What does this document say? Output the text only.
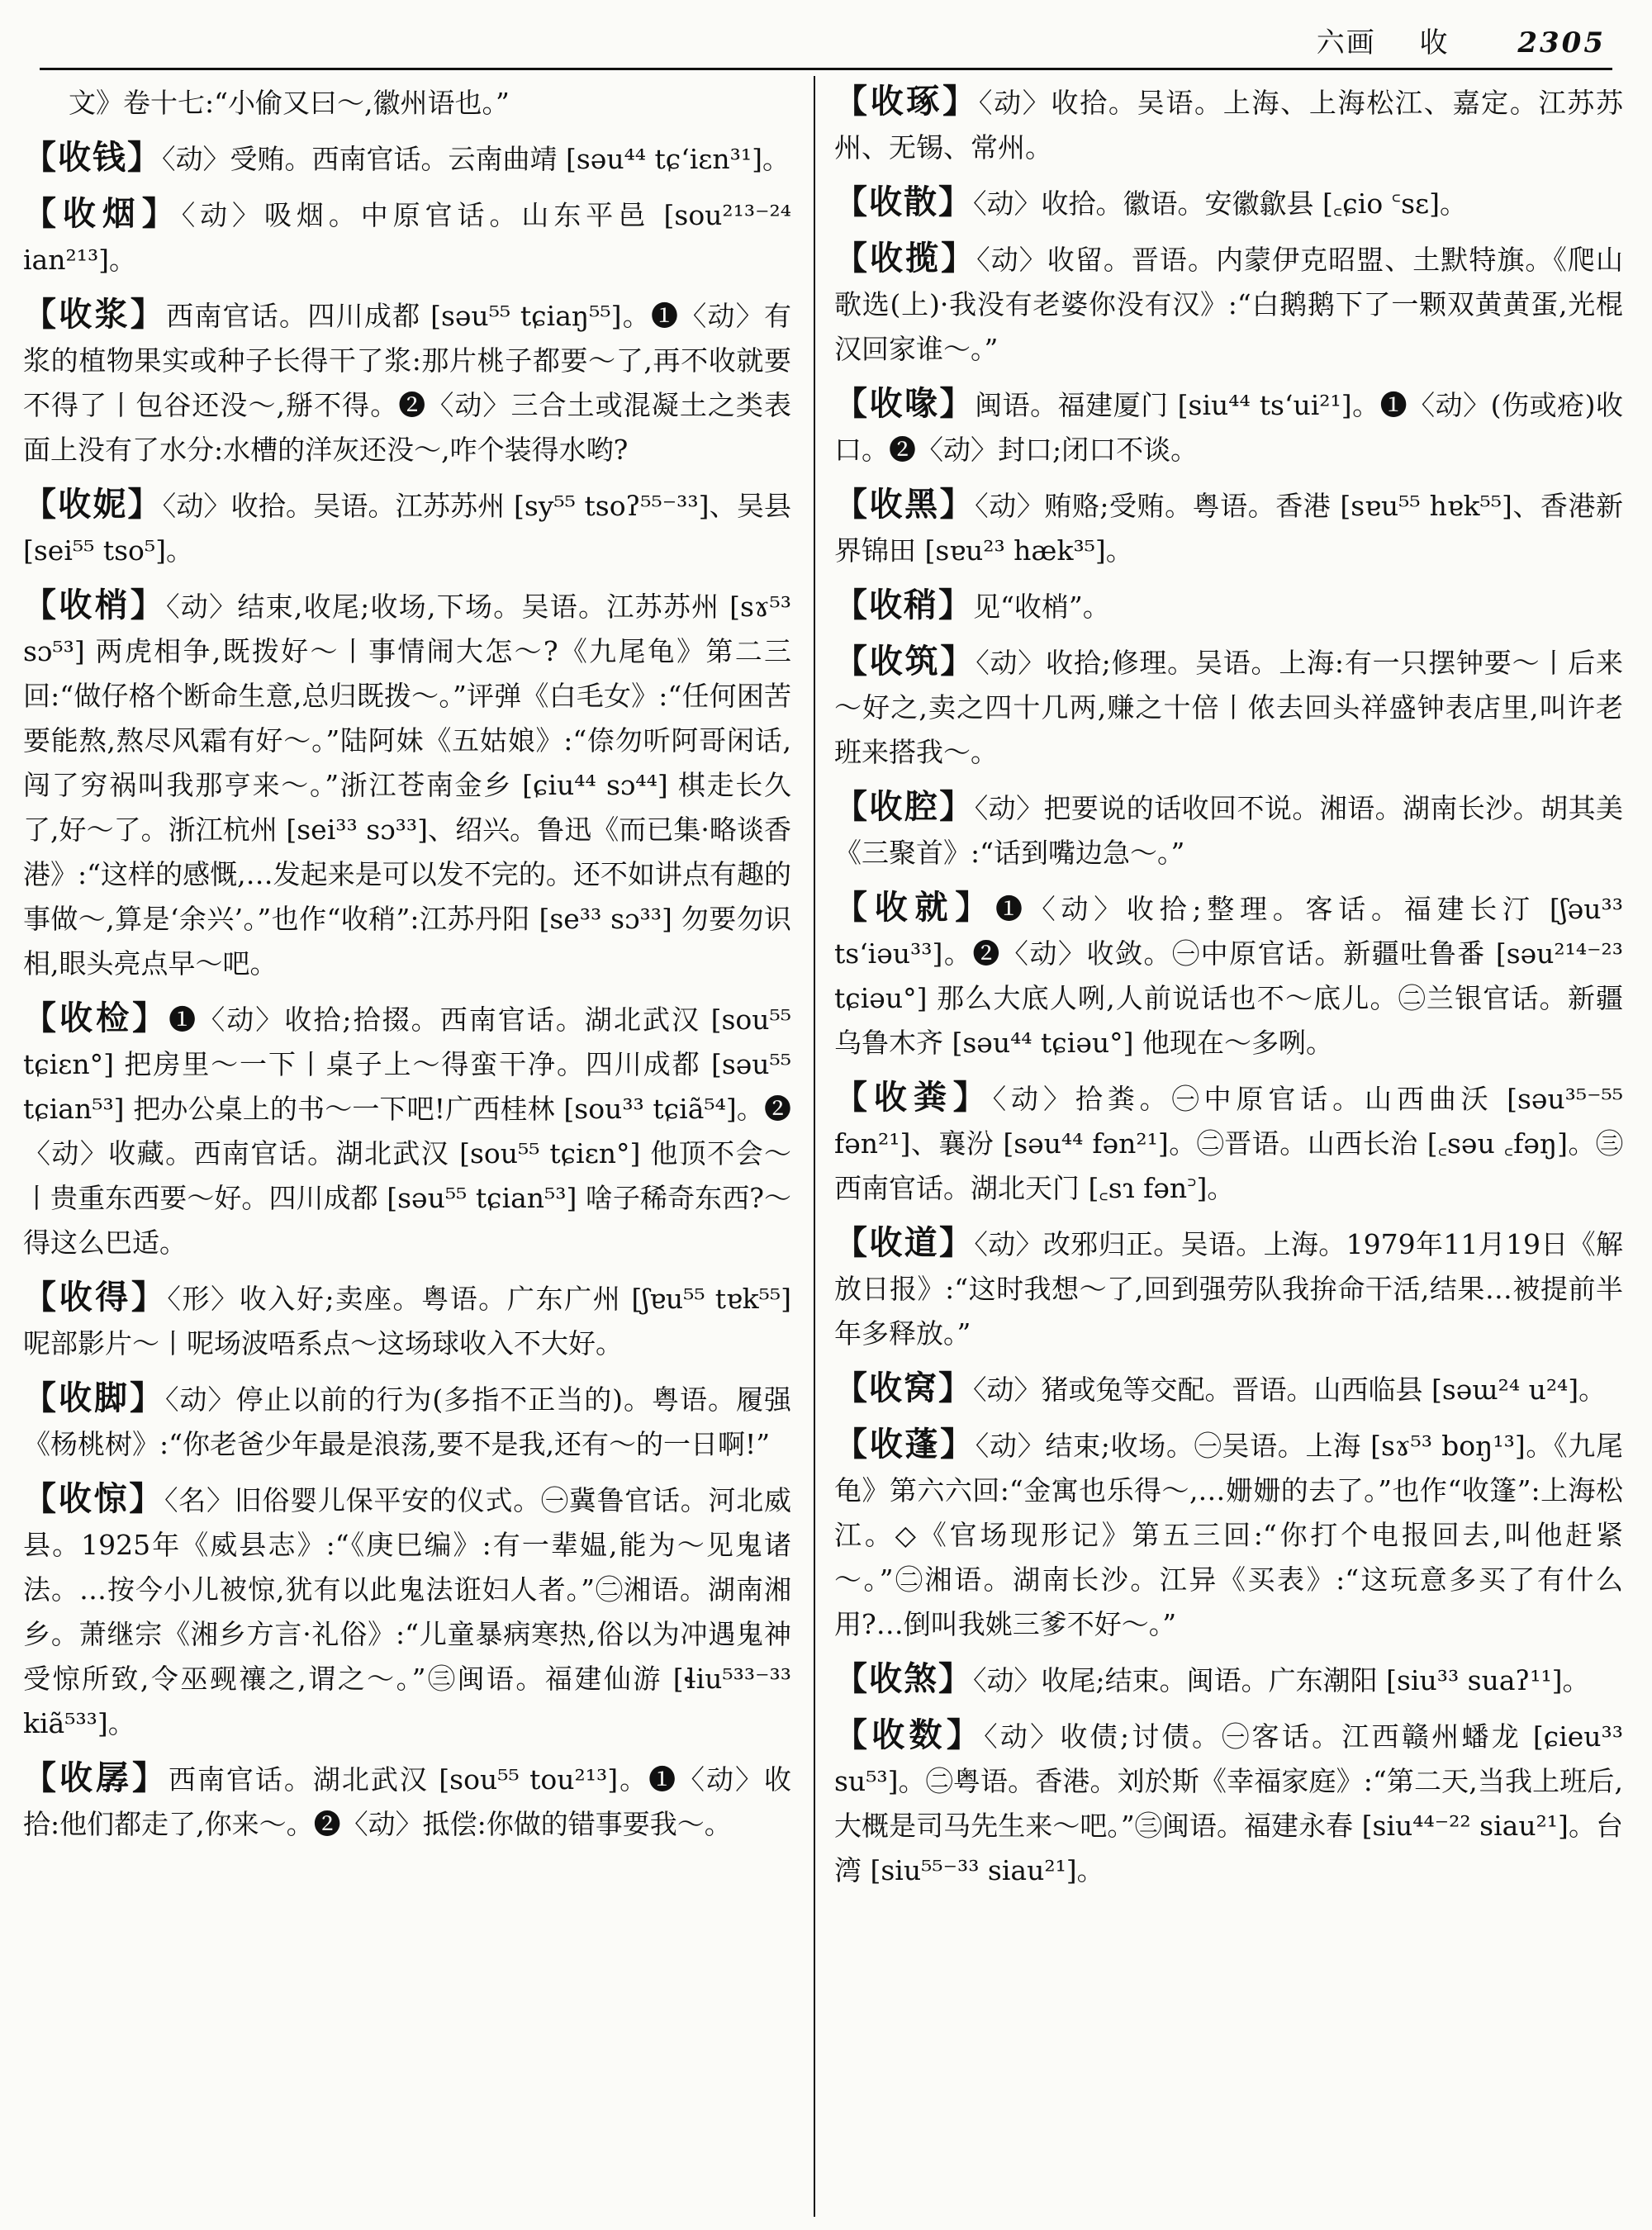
六画 收 2305

文》卷十七:“小偷又曰～,徽州语也。”

【收钱】〈动〉受贿。西南官话。云南曲靖 [səu⁴⁴ tɕʻiɛn³¹]。

【收烟】〈动〉吸烟。中原官话。山东平邑 [sou²¹³⁻²⁴ ian²¹³]。

【收浆】西南官话。四川成都 [səu⁵⁵ tɕiaŋ⁵⁵]。❶〈动〉有浆的植物果实或种子长得干了浆:那片桃子都要～了,再不收就要不得了丨包谷还没～,掰不得。❷〈动〉三合土或混凝土之类表面上没有了水分:水槽的洋灰还没～,咋个装得水哟?

【收妮】〈动〉收拾。吴语。江苏苏州 [sy⁵⁵ tsoʔ⁵⁵⁻³³]、吴县 [sei⁵⁵ tso⁵]。

【收梢】〈动〉结束,收尾;收场,下场。吴语。江苏苏州 [sɤ⁵³ sɔ⁵³] 两虎相争,既拨好～丨事情闹大怎～?《九尾龟》第二三回:“做仔格个断命生意,总归既拨～。”评弹《白毛女》:“任何困苦要能熬,熬尽风霜有好～。”陆阿妹《五姑娘》:“倷勿听阿哥闲话,闯了穷祸叫我那亨来～。”浙江苍南金乡 [ɕiu⁴⁴ sɔ⁴⁴] 棋走长久了,好～了。浙江杭州 [sei³³ sɔ³³]、绍兴。鲁迅《而已集·略谈香港》:“这样的感慨,…发起来是可以发不完的。还不如讲点有趣的事做～,算是‘余兴’。”也作“收稍”:江苏丹阳 [se³³ sɔ³³] 勿要勿识相,眼头亮点早～吧。

【收检】❶〈动〉收拾;拾掇。西南官话。湖北武汉 [sou⁵⁵ tɕiɛn°] 把房里～一下丨桌子上～得蛮干净。四川成都 [səu⁵⁵ tɕian⁵³] 把办公桌上的书～一下吧!广西桂林 [sou³³ tɕiã⁵⁴]。❷〈动〉收藏。西南官话。湖北武汉 [sou⁵⁵ tɕiɛn°] 他顶不会～丨贵重东西要～好。四川成都 [səu⁵⁵ tɕian⁵³] 啥子稀奇东西?～得这么巴适。

【收得】〈形〉收入好;卖座。粤语。广东广州 [ʃɐu⁵⁵ tɐk⁵⁵] 呢部影片～丨呢场波唔系点～这场球收入不大好。

【收脚】〈动〉停止以前的行为(多指不正当的)。粤语。履强《杨桃树》:“你老爸少年最是浪荡,要不是我,还有～的一日啊!”

【收惊】〈名〉旧俗婴儿保平安的仪式。㊀冀鲁官话。河北威县。1925年《威县志》:“《庚巳编》:有一辈媪,能为～见鬼诸法。…按今小儿被惊,犹有以此鬼法诳妇人者。”㊁湘语。湖南湘乡。萧继宗《湘乡方言·礼俗》:“儿童暴病寒热,俗以为冲遇鬼神受惊所致,令巫觋禳之,谓之～。”㊂闽语。福建仙游 [ɬiu⁵³³⁻³³ kiã⁵³³]。

【收孱】西南官话。湖北武汉 [sou⁵⁵ tou²¹³]。❶〈动〉收拾:他们都走了,你来～。❷〈动〉抵偿:你做的错事要我～。

【收琢】〈动〉收拾。吴语。上海、上海松江、嘉定。江苏苏州、无锡、常州。

【收散】〈动〉收拾。徽语。安徽歙县 [꜀ɕio ꜂sɛ]。

【收揽】〈动〉收留。晋语。内蒙伊克昭盟、土默特旗。《爬山歌选(上)·我没有老婆你没有汉》:“白鹅鹅下了一颗双黄黄蛋,光棍汉回家谁～。”

【收喙】闽语。福建厦门 [siu⁴⁴ tsʻui²¹]。❶〈动〉(伤或疮)收口。❷〈动〉封口;闭口不谈。

【收黑】〈动〉贿赂;受贿。粤语。香港 [sɐu⁵⁵ hɐk⁵⁵]、香港新界锦田 [sɐu²³ hæk³⁵]。

【收稍】见“收梢”。

【收筑】〈动〉收拾;修理。吴语。上海:有一只摆钟要～丨后来～好之,卖之四十几两,赚之十倍丨侬去回头祥盛钟表店里,叫许老班来搭我～。

【收腔】〈动〉把要说的话收回不说。湘语。湖南长沙。胡其美《三聚首》:“话到嘴边急～。”

【收就】❶〈动〉收拾;整理。客话。福建长汀 [ʃəu³³ tsʻiəu³³]。❷〈动〉收敛。㊀中原官话。新疆吐鲁番 [səu²¹⁴⁻²³ tɕiəu°] 那么大底人咧,人前说话也不～底儿。㊁兰银官话。新疆乌鲁木齐 [səu⁴⁴ tɕiəu°] 他现在～多咧。

【收粪】〈动〉拾粪。㊀中原官话。山西曲沃 [səu³⁵⁻⁵⁵ fən²¹]、襄汾 [səu⁴⁴ fən²¹]。㊁晋语。山西长治 [꜀səu ꜀fəŋ]。㊂西南官话。湖北天门 [꜀sɿ fən꜄]。

【收道】〈动〉改邪归正。吴语。上海。1979年11月19日《解放日报》:“这时我想～了,回到强劳队我拚命干活,结果…被提前半年多释放。”

【收窝】〈动〉猪或兔等交配。晋语。山西临县 [səɯ²⁴ u²⁴]。

【收蓬】〈动〉结束;收场。㊀吴语。上海 [sɤ⁵³ boŋ¹³]。《九尾龟》第六六回:“金寓也乐得～,…姗姗的去了。”也作“收篷”:上海松江。◇《官场现形记》第五三回:“你打个电报回去,叫他赶紧～。”㊁湘语。湖南长沙。江异《买表》:“这玩意多买了有什么用?…倒叫我姚三爹不好～。”

【收煞】〈动〉收尾;结束。闽语。广东潮阳 [siu³³ suaʔ¹¹]。

【收数】〈动〉收债;讨债。㊀客话。江西赣州蟠龙 [ɕieu³³ su⁵³]。㊁粤语。香港。刘於斯《幸福家庭》:“第二天,当我上班后,大概是司马先生来～吧。”㊂闽语。福建永春 [siu⁴⁴⁻²² siau²¹]。台湾 [siu⁵⁵⁻³³ siau²¹]。
